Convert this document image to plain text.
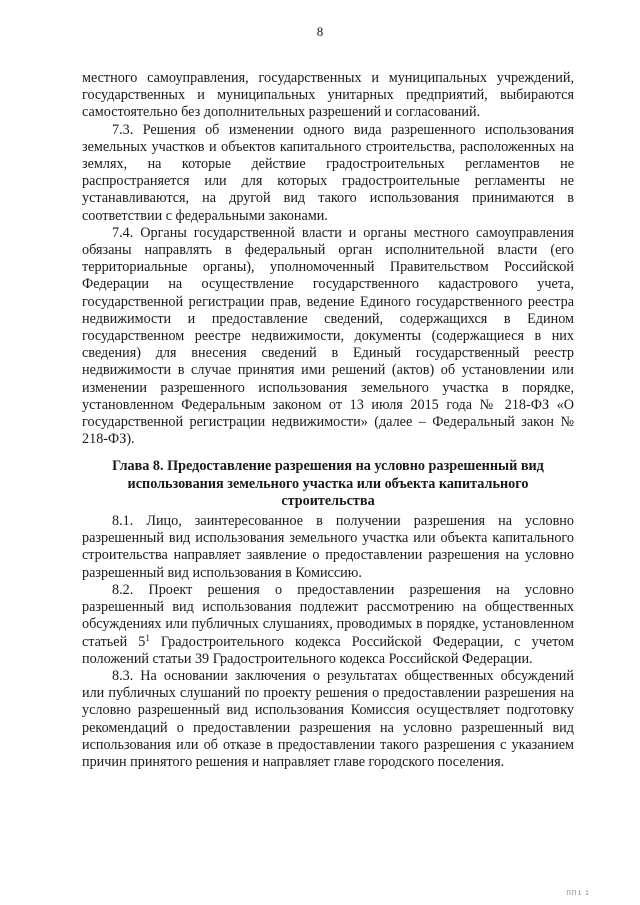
8

местного самоуправления, государственных и муниципальных учреждений, государственных и муниципальных унитарных предприятий, выбираются самостоятельно без дополнительных разрешений и согласований.

7.3. Решения об изменении одного вида разрешенного использования земельных участков и объектов капитального строительства, расположенных на землях, на которые действие градостроительных регламентов не распространяется или для которых градостроительные регламенты не устанавливаются, на другой вид такого использования принимаются в соответствии с федеральными законами.

7.4. Органы государственной власти и органы местного самоуправления обязаны направлять в федеральный орган исполнительной власти (его территориальные органы), уполномоченный Правительством Российской Федерации на осуществление государственного кадастрового учета, государственной регистрации прав, ведение Единого государственного реестра недвижимости и предоставление сведений, содержащихся в Едином государственном реестре недвижимости, документы (содержащиеся в них сведения) для внесения сведений в Единый государственный реестр недвижимости в случае принятия ими решений (актов) об установлении или изменении разрешенного использования земельного участка в порядке, установленном Федеральным законом от 13 июля 2015 года № 218-ФЗ «О государственной регистрации недвижимости» (далее – Федеральный закон № 218-ФЗ).

Глава 8. Предоставление разрешения на условно разрешенный вид использования земельного участка или объекта капитального строительства

8.1. Лицо, заинтересованное в получении разрешения на условно разрешенный вид использования земельного участка или объекта капитального строительства направляет заявление о предоставлении разрешения на условно разрешенный вид использования в Комиссию.

8.2. Проект решения о предоставлении разрешения на условно разрешенный вид использования подлежит рассмотрению на общественных обсуждениях или публичных слушаниях, проводимых в порядке, установленном статьей $5^1$ Градостроительного кодекса Российской Федерации, с учетом положений статьи 39 Градостроительного кодекса Российской Федерации.

8.3. На основании заключения о результатах общественных обсуждений или публичных слушаний по проекту решения о предоставлении разрешения на условно разрешенный вид использования Комиссия осуществляет подготовку рекомендаций о предоставлении разрешения на условно разрешенный вид использования или об отказе в предоставлении такого разрешения с указанием причин принятого решения и направляет главе городского поселения.

ПП1 1
